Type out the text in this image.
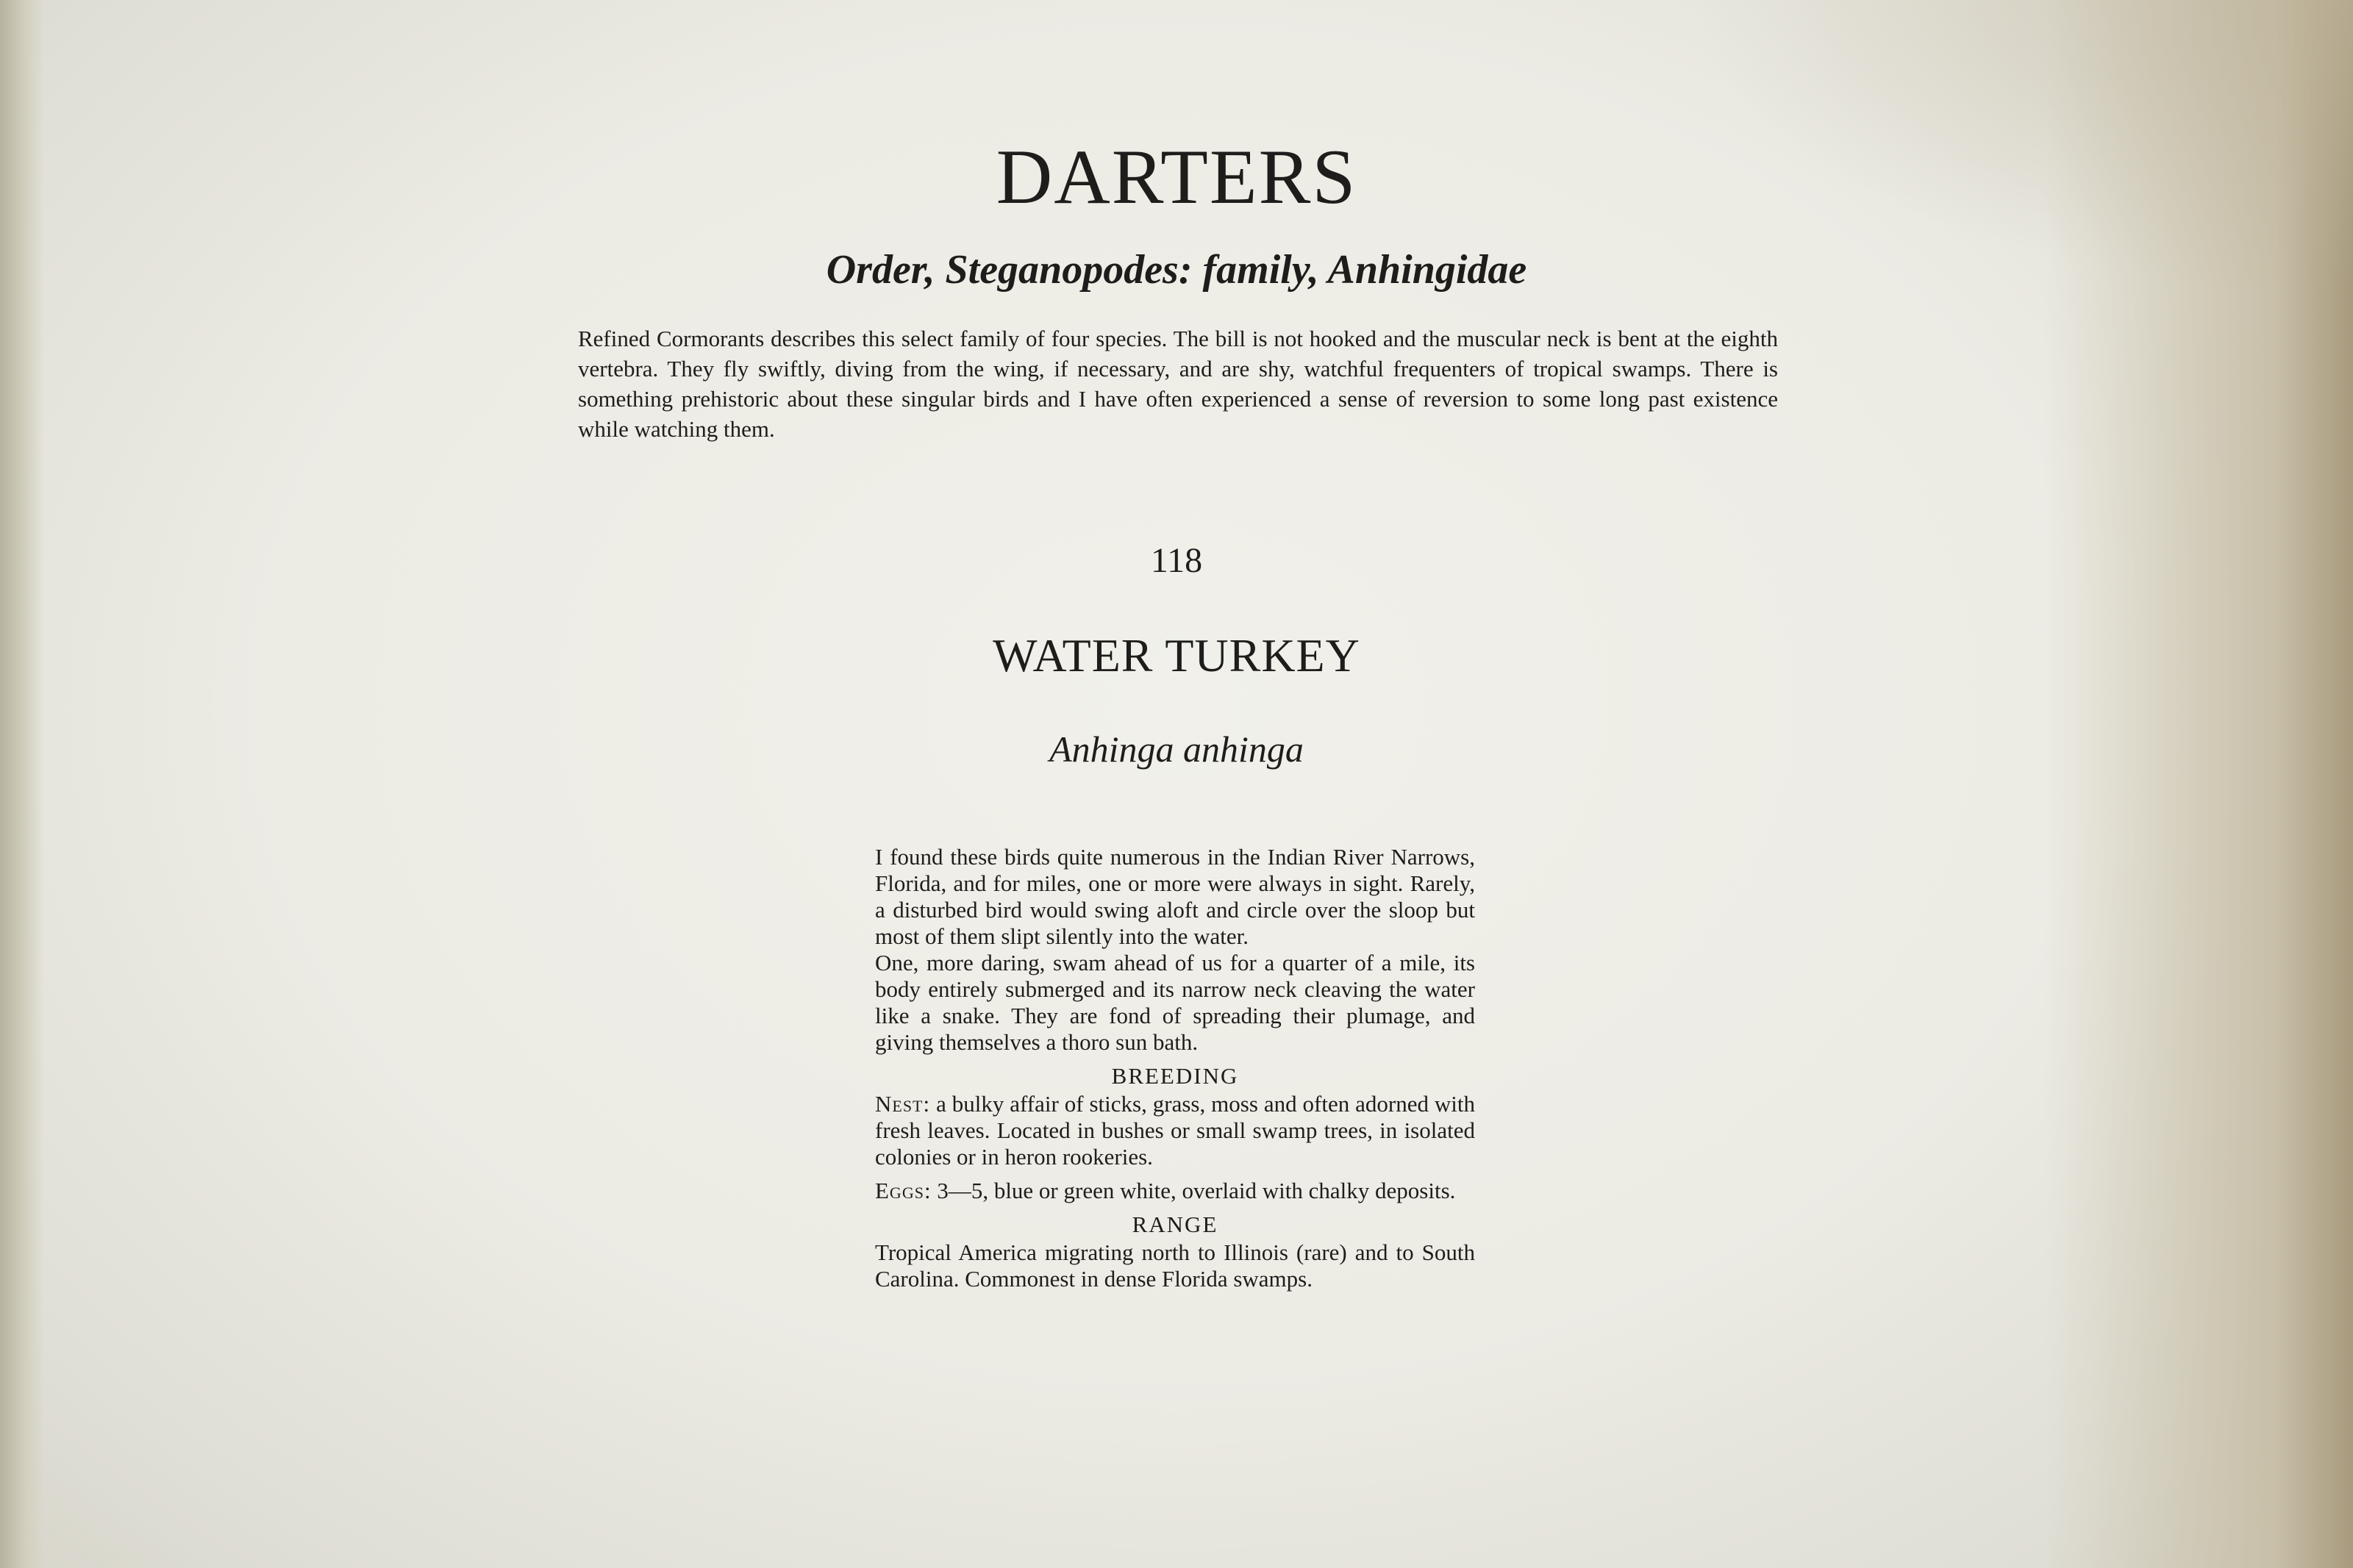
DARTERS
Order, Steganopodes: family, Anhingidae

Refined Cormorants describes this select family of four species. The bill is not hooked and the muscular neck is bent at the eighth vertebra. They fly swiftly, diving from the wing, if necessary, and are shy, watchful frequenters of tropical swamps. There is something prehistoric about these singular birds and I have often experienced a sense of reversion to some long past existence while watching them.

118
WATER TURKEY
Anhinga anhinga

I found these birds quite numerous in the Indian River Narrows, Florida, and for miles, one or more were always in sight. Rarely, a disturbed bird would swing aloft and circle over the sloop but most of them slipt silently into the water.

One, more daring, swam ahead of us for a quarter of a mile, its body entirely submerged and its narrow neck cleaving the water like a snake. They are fond of spreading their plumage, and giving themselves a thoro sun bath.

BREEDING

Nest: a bulky affair of sticks, grass, moss and often adorned with fresh leaves. Located in bushes or small swamp trees, in isolated colonies or in heron rookeries.

Eggs: 3—5, blue or green white, overlaid with chalky deposits.

RANGE

Tropical America migrating north to Illinois (rare) and to South Carolina. Commonest in dense Florida swamps.
